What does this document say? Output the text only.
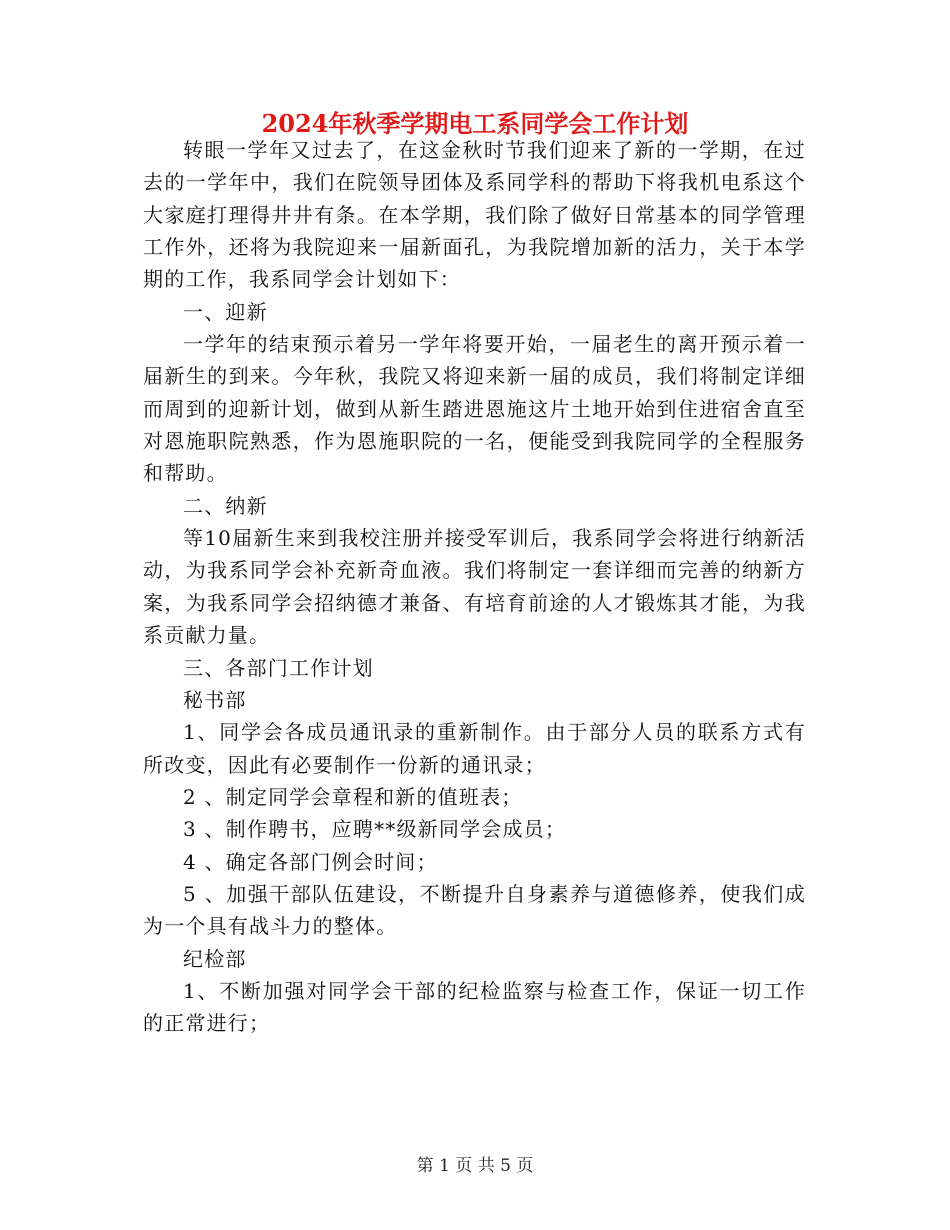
2024年秋季学期电工系同学会工作计划

转眼一学年又过去了，在这金秋时节我们迎来了新的一学期，在过去的一学年中，我们在院领导团体及系同学科的帮助下将我机电系这个大家庭打理得井井有条。在本学期，我们除了做好日常基本的同学管理工作外，还将为我院迎来一届新面孔，为我院增加新的活力，关于本学期的工作，我系同学会计划如下：

一、迎新

一学年的结束预示着另一学年将要开始，一届老生的离开预示着一届新生的到来。今年秋，我院又将迎来新一届的成员，我们将制定详细而周到的迎新计划，做到从新生踏进恩施这片土地开始到住进宿舍直至对恩施职院熟悉，作为恩施职院的一名，便能受到我院同学的全程服务和帮助。

二、纳新

等10届新生来到我校注册并接受军训后，我系同学会将进行纳新活动，为我系同学会补充新奇血液。我们将制定一套详细而完善的纳新方案，为我系同学会招纳德才兼备、有培育前途的人才锻炼其才能，为我系贡献力量。

三、各部门工作计划

秘书部

1、同学会各成员通讯录的重新制作。由于部分人员的联系方式有所改变，因此有必要制作一份新的通讯录；

2 、制定同学会章程和新的值班表；

3 、制作聘书，应聘**级新同学会成员；

4 、确定各部门例会时间；

5 、加强干部队伍建设，不断提升自身素养与道德修养，使我们成为一个具有战斗力的整体。

纪检部

1、不断加强对同学会干部的纪检监察与检查工作，保证一切工作的正常进行；

第 1 页 共 5 页
